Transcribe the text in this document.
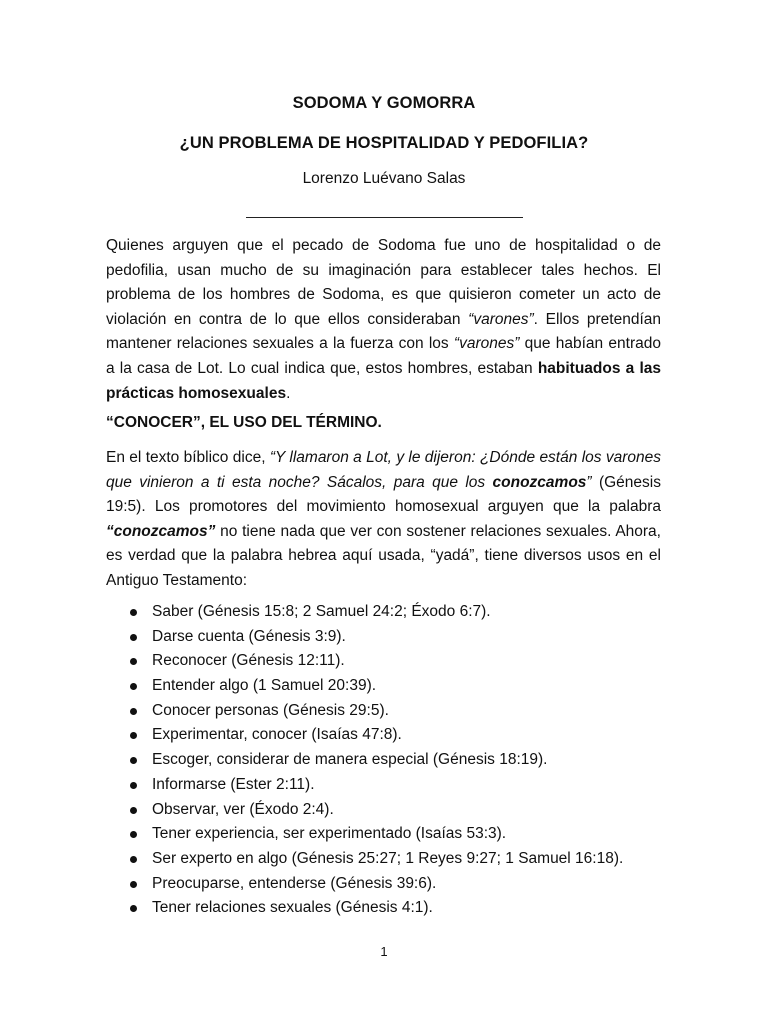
SODOMA Y GOMORRA
¿UN PROBLEMA DE HOSPITALIDAD Y PEDOFILIA?
Lorenzo Luévano Salas
Quienes arguyen que el pecado de Sodoma fue uno de hospitalidad o de pedofilia, usan mucho de su imaginación para establecer tales hechos. El problema de los hombres de Sodoma, es que quisieron cometer un acto de violación en contra de lo que ellos consideraban “varones”. Ellos pretendían mantener relaciones sexuales a la fuerza con los “varones” que habían entrado a la casa de Lot. Lo cual indica que, estos hombres, estaban habituados a las prácticas homosexuales.
“CONOCER”, EL USO DEL TÉRMINO.
En el texto bíblico dice, “Y llamaron a Lot, y le dijeron: ¿Dónde están los varones que vinieron a ti esta noche? Sácalos, para que los conozcamos” (Génesis 19:5). Los promotores del movimiento homosexual arguyen que la palabra “conozcamos” no tiene nada que ver con sostener relaciones sexuales. Ahora, es verdad que la palabra hebrea aquí usada, “yadá”, tiene diversos usos en el Antiguo Testamento:
Saber (Génesis 15:8; 2 Samuel 24:2; Éxodo 6:7).
Darse cuenta (Génesis 3:9).
Reconocer (Génesis 12:11).
Entender algo (1 Samuel 20:39).
Conocer personas (Génesis 29:5).
Experimentar, conocer (Isaías 47:8).
Escoger, considerar de manera especial (Génesis 18:19).
Informarse (Ester 2:11).
Observar, ver (Éxodo 2:4).
Tener experiencia, ser experimentado (Isaías 53:3).
Ser experto en algo (Génesis 25:27; 1 Reyes 9:27; 1 Samuel 16:18).
Preocuparse, entenderse (Génesis 39:6).
Tener relaciones sexuales (Génesis 4:1).
1
